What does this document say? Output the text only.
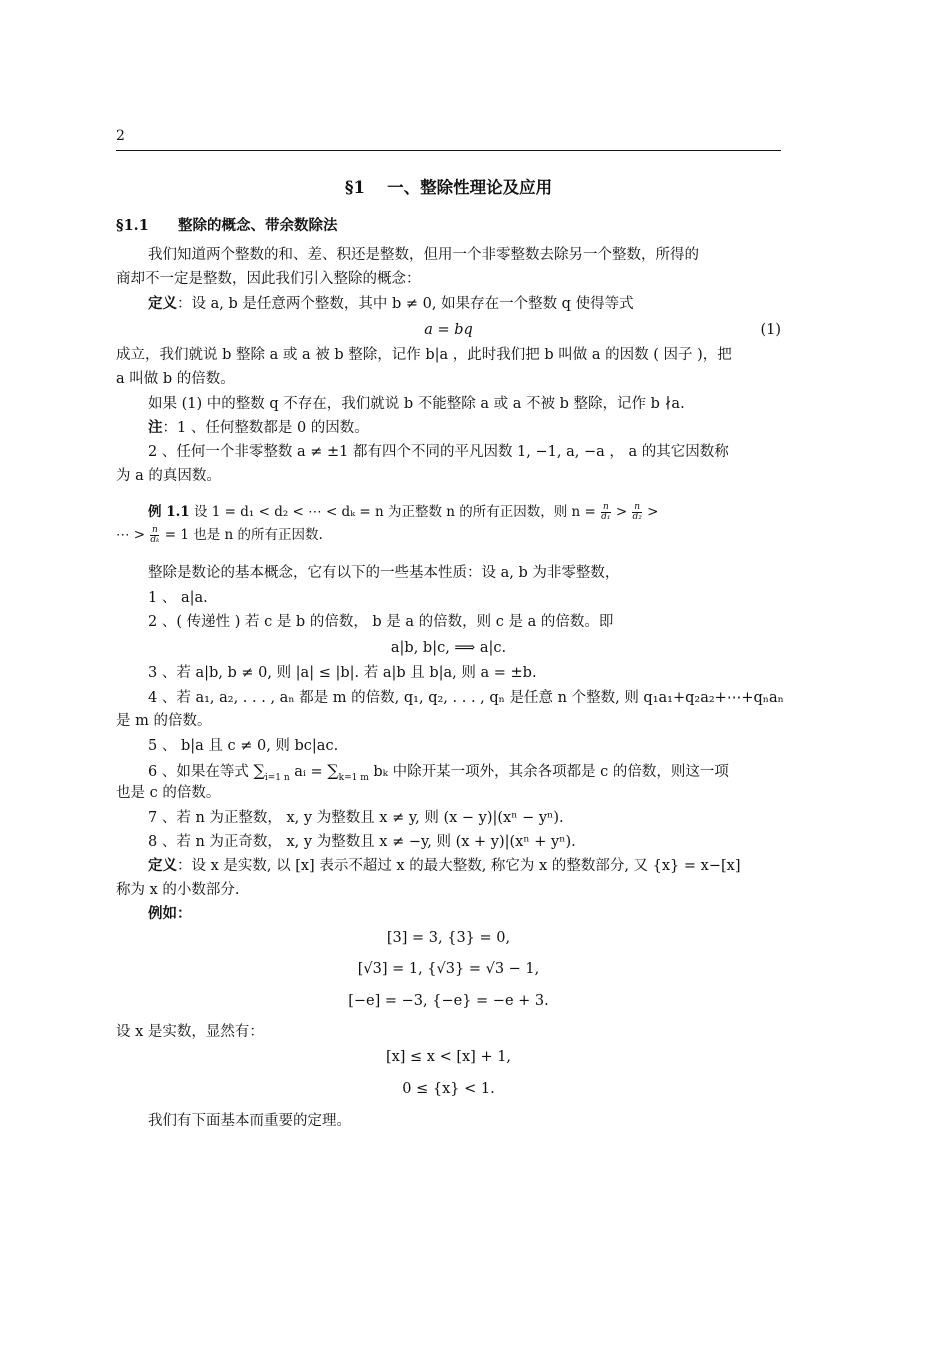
2
§1　 一、整除性理论及应用
§1.1 整除的概念、带余数除法

我们知道两个整数的和、差、积还是整数，但用一个非零整数去除另一个整数，所得的

商却不一定是整数，因此我们引入整除的概念：

定义：设 a, b 是任意两个整数，其中 b ≠ 0, 如果存在一个整数 q 使得等式

a = bq	(1)

成立，我们就说 b 整除 a 或 a 被 b 整除，记作 b|a ，此时我们把 b 叫做 a 的因数 ( 因子 )，把

a 叫做 b 的倍数。

如果 (1) 中的整数 q 不存在，我们就说 b 不能整除 a 或 a 不被 b 整除，记作 b ∤a.

注：1 、任何整数都是 0 的因数。

2 、任何一个非零整数 a ≠ ±1 都有四个不同的平凡因数 1, −1, a, −a ， a 的其它因数称

为 a 的真因数。

例 1.1 设 1 = d₁ < d₂ < ⋯ < dₖ = n 为正整数 n 的所有正因数，则 $n = \frac{n}{\text{d₁}} > \frac{n}{\text{d₂}}$ >

⋯ > $\frac{n}{\text{dₖ}} = 1$ 也是 n 的所有正因数.

整除是数论的基本概念，它有以下的一些基本性质：设 a, b 为非零整数，

1 、 a|a.

2 、( 传递性 ) 若 c 是 b 的倍数， b 是 a 的倍数，则 c 是 a 的倍数。即

a|b, b|c, ⟹ a|c.

3 、若 a|b, b ≠ 0, 则 |a| ≤ |b|. 若 a|b 且 b|a, 则 a = ±b.

4 、若 a₁, a₂, . . . , aₙ 都是 m 的倍数, q₁, q₂, . . . , qₙ 是任意 n 个整数, 则 q₁a₁+q₂a₂+⋯+qₙaₙ

是 m 的倍数。

5 、 b|a 且 c ≠ 0, 则 bc|ac.

6 、如果在等式 $\sum_{i=1 n}$ aᵢ = $\sum_{k=1 m}$ bₖ 中除开某一项外，其余各项都是 c 的倍数，则这一项

也是 c 的倍数。

7 、若 n 为正整数， x, y 为整数且 x ≠ y, 则 (x − y)|(xⁿ − yⁿ).

8 、若 n 为正奇数， x, y 为整数且 x ≠ −y, 则 (x + y)|(xⁿ + yⁿ).

定义：设 x 是实数, 以 [x] 表示不超过 x 的最大整数, 称它为 x 的整数部分, 又 {x} = x−[x]

称为 x 的小数部分.

例如：

[3] = 3, {3} = 0,

[√3] = 1, {√3} = √3 − 1,

[−e] = −3, {−e} = −e + 3.

设 x 是实数，显然有：

[x] ≤ x < [x] + 1,

0 ≤ {x} < 1.

我们有下面基本而重要的定理。
